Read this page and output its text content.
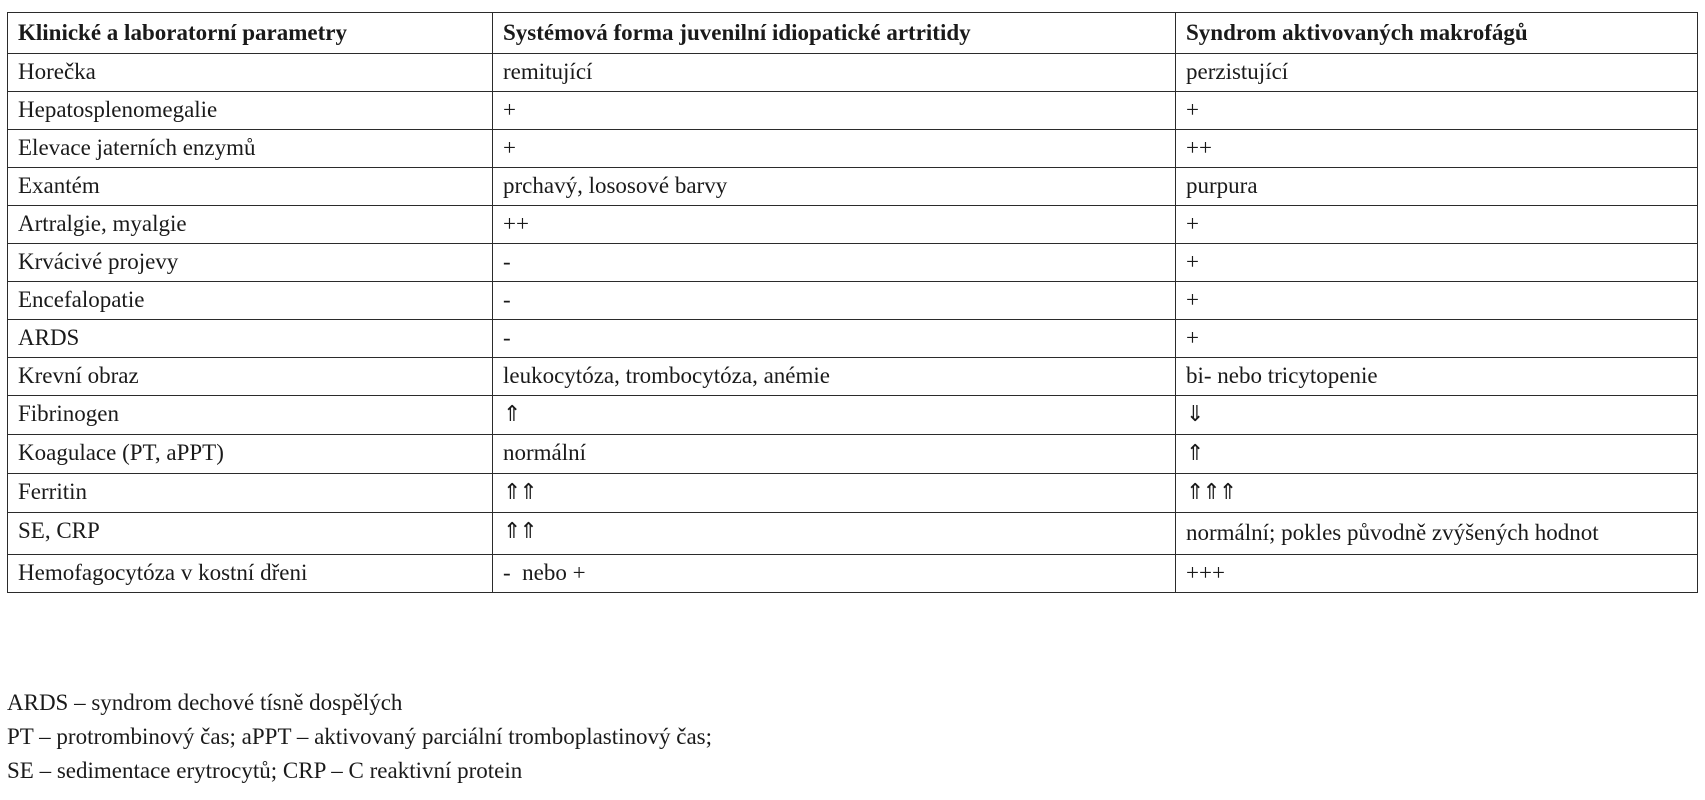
Klinické a laboratorní parametry	Systémová forma juvenilní idiopatické artritidy	Syndrom aktivovaných makrofágů
Horečka	remitující	perzistující
Hepatosplenomegalie	+	+
Elevace jaterních enzymů	+	++
Exantém	prchavý, lososové barvy	purpura
Artralgie, myalgie	++	+
Krvácivé projevy	-	+
Encefalopatie	-	+
ARDS	-	+
Krevní obraz	leukocytóza, trombocytóza, anémie	bi- nebo tricytopenie
Fibrinogen	⇑	⇓
Koagulace (PT, aPPT)	normální	⇑
Ferritin	⇑⇑	⇑⇑⇑
SE, CRP	⇑⇑	normální; pokles původně zvýšených hodnot
Hemofagocytóza v kostní dřeni	-  nebo +	+++
ARDS – syndrom dechové tísně dospělých
PT – protrombinový čas; aPPT – aktivovaný parciální tromboplastinový čas;
SE – sedimentace erytrocytů; CRP – C reaktivní protein
